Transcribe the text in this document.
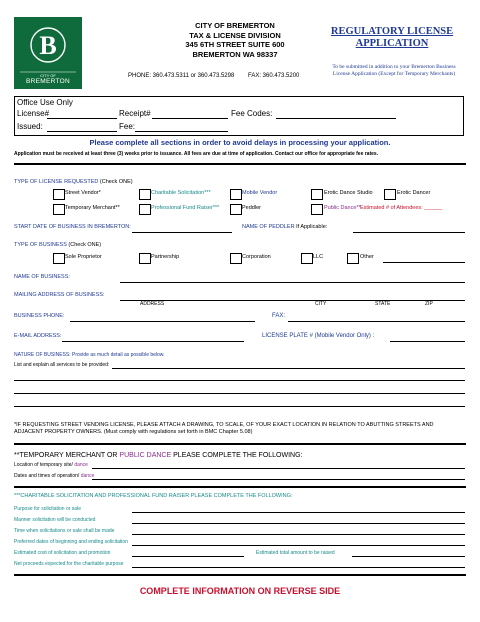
B
CITY OF
BREMERTON
CITY OF BREMERTON
TAX & LICENSE DIVISION
345 6TH STREET SUITE 600
BREMERTON WA 98337
PHONE: 360.473.5311 or 360.473.5298 FAX: 360.473.5200
REGULATORY LICENSE
APPLICATION
To be submitted in addition to your Bremerton Business
License Application (Except for Temporary Merchants)
Office Use Only
License#	Receipt#	Fee Codes:
Issued:	Fee:
Please complete all sections in order to avoid delays in processing your application.
Application must be received at least three (3) weeks prior to issuance. All fees are due at time of application. Contact our office for appropriate fee rates.
TYPE OF LICENSE REQUESTED (Check ONE)
Street Vendor*	Charitable Solicitation***	Mobile Vendor	Erotic Dance Studio	Erotic Dancer
Temporary Merchant**	Professional Fund Raiser***	Peddler	Public Dance** Estimated # of Attendees: ______
START DATE OF BUSINESS IN BREMERTON:	NAME OF PEDDLER If Applicable:
TYPE OF BUSINESS (Check ONE)
Sole Proprietor	Partnership	Corporation	LLC	Other
NAME OF BUSINESS:
MAILING ADDRESS OF BUSINESS:
ADDRESS	CITY	STATE	ZIP
BUSINESS PHONE:	FAX:
E-MAIL ADDRESS:	LICENSE PLATE # (Mobile Vendor Only) :
NATURE OF BUSINESS: Provide as much detail as possible below.
List and explain all services to be provided:
*IF REQUESTING STREET VENDING LICENSE, PLEASE ATTACH A DRAWING, TO SCALE, OF YOUR EXACT LOCATION IN RELATION TO ABUTTING STREETS AND ADJACENT PROPERTY OWNERS. (Must comply with regulations set forth in BMC Chapter 5.08)
**TEMPORARY MERCHANT OR PUBLIC DANCE PLEASE COMPLETE THE FOLLOWING:
Location of temporary site/ dance
Dates and times of operation/ dance
***CHARITABLE SOLICITATION AND PROFESSIONAL FUND RAISER PLEASE COMPLETE THE FOLLOWING:
Purpose for solicitation or sale
Manner solicitation will be conducted
Time when solicitations or sale shall be made
Preferred dates of beginning and ending solicitation
Estimated cost of solicitation and promotion	Estimated total amount to be raised
Net proceeds expected for the charitable purpose
COMPLETE INFORMATION ON REVERSE SIDE
